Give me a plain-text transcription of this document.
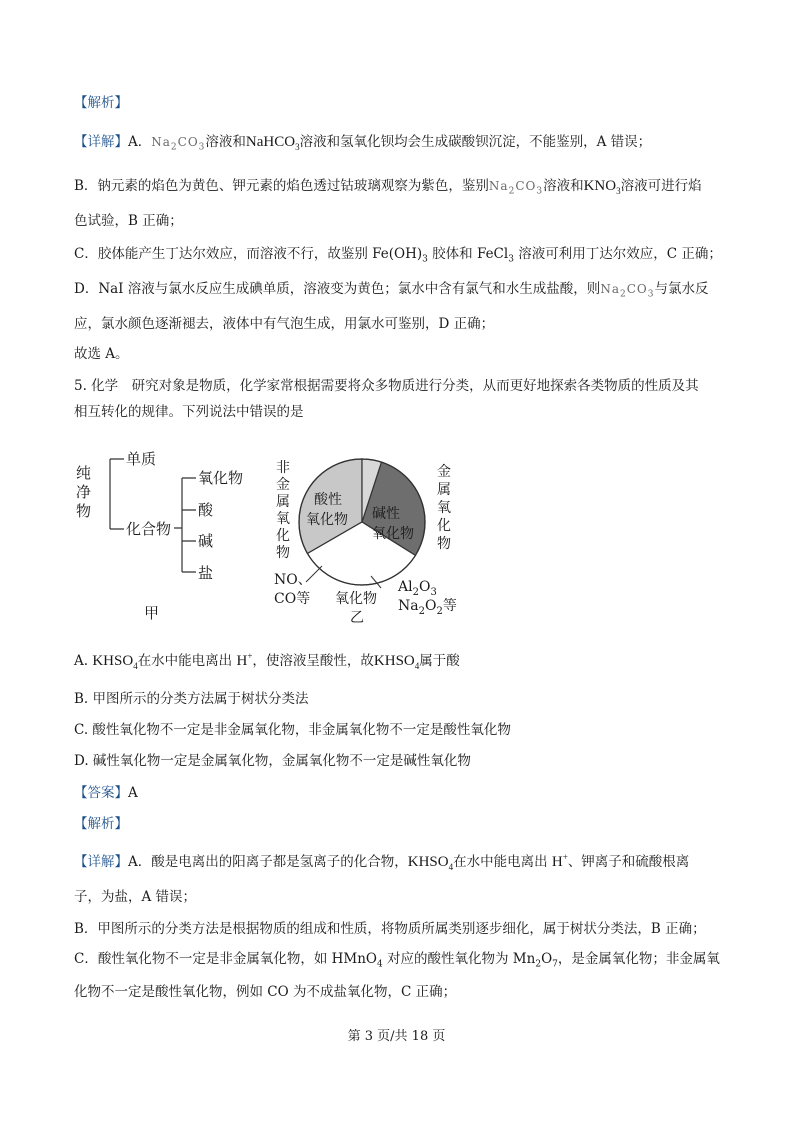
【解析】
【详解】A．$Na_2CO_3$溶液和NaHCO$_3$溶液和氢氧化钡均会生成碳酸钡沉淀，不能鉴别，A 错误；
B．钠元素的焰色为黄色、钾元素的焰色透过钴玻璃观察为紫色，鉴别$Na_2CO_3$溶液和$KNO_3$溶液可进行焰
色试验，B 正确；
C．胶体能产生丁达尔效应，而溶液不行，故鉴别 $Fe(OH)_3$ 胶体和 FeCl$_3$ 溶液可利用丁达尔效应，C 正确；
D．NaI 溶液与氯水反应生成碘单质，溶液变为黄色；氯水中含有氯气和水生成盐酸，则$Na_2CO_3$与氯水反
应，氯水颜色逐渐褪去，液体中有气泡生成，用氯水可鉴别，D 正确；
故选 A。
5. 化学　研究对象是物质，化学家常根据需要将众多物质进行分类，从而更好地探索各类物质的性质及其
相互转化的规律。下列说法中错误的是
纯
净
物
单质
化合物
氧化物
酸
碱
盐
甲
酸性
氧化物 碱性
氧化物
非
金
属
氧
化
物
金
属
氧
化
物
NO、
CO等 氧化物
乙
$Al_2O_3$
$Na_2O_2$等
A. $KHSO_4$在水中能电离出 H+，使溶液呈酸性，故$KHSO_4$属于酸
B. 甲图所示的分类方法属于树状分类法
C. 酸性氧化物不一定是非金属氧化物，非金属氧化物不一定是酸性氧化物
D. 碱性氧化物一定是金属氧化物，金属氧化物不一定是碱性氧化物
【答案】A
【解析】
【详解】A．酸是电离出的阳离子都是氢离子的化合物，$KHSO_4$在水中能电离出 H+、钾离子和硫酸根离
子，为盐，A 错误；
B．甲图所示的分类方法是根据物质的组成和性质，将物质所属类别逐步细化，属于树状分类法，B 正确；
C．酸性氧化物不一定是非金属氧化物，如 HMnO$_4$ 对应的酸性氧化物为 $Mn_2O_7$，是金属氧化物；非金属氧
化物不一定是酸性氧化物，例如 CO 为不成盐氧化物，C 正确；
第 3 页/共 18 页
